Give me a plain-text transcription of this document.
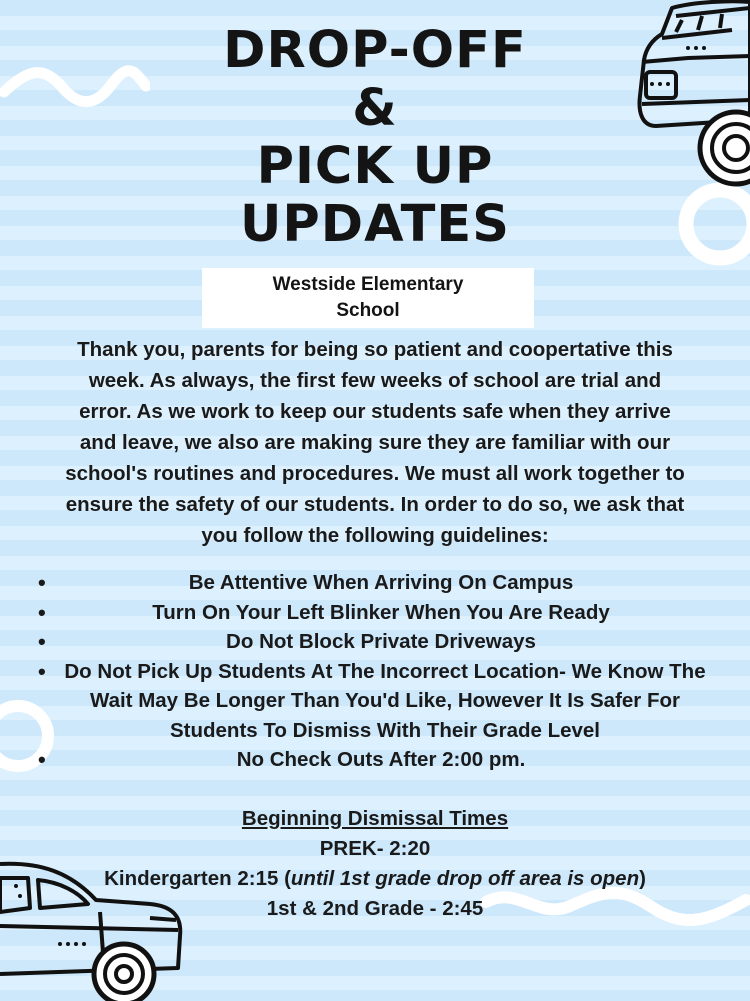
DROP-OFF
&
PICK UP
UPDATES
Westside Elementary
School
Thank you, parents for being so patient and coopertative this
week. As always, the first few weeks of school are trial and
error. As we work to keep our students safe when they arrive
and leave, we also are making sure they are familiar with our
school's routines and procedures. We must all work together to
ensure the safety of our students. In order to do so, we ask that
you follow the following guidelines:
•	Be Attentive When Arriving On Campus
•	Turn On Your Left Blinker When You Are Ready
•	Do Not Block Private Driveways
• Do Not Pick Up Students At The Incorrect Location- We Know The Wait May Be Longer Than You'd Like, However It Is Safer For Students To Dismiss With Their Grade Level
•	No Check Outs After 2:00 pm.
Beginning Dismissal Times
PREK- 2:20
Kindergarten 2:15 (until 1st grade drop off area is open)
1st & 2nd Grade - 2:45
